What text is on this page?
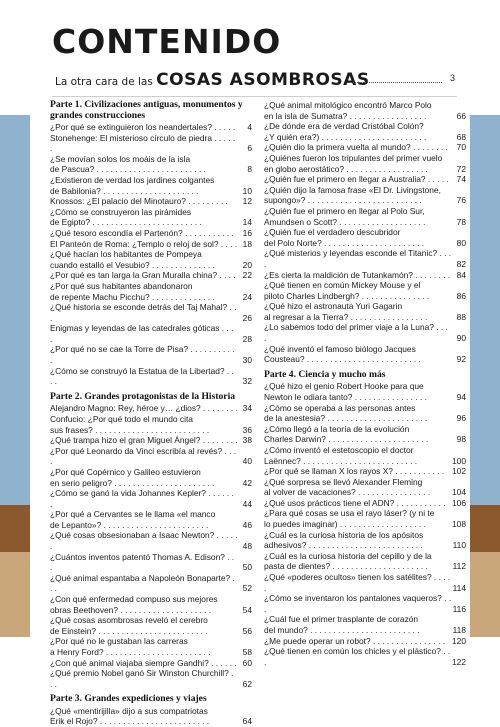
CONTENIDO
La otra cara de las COSAS ASOMBROSAS	3
Parte 1. Civilizaciones antiguas, monumentos y grandes construcciones
¿Por qué se extinguieron los neandertales? . . . . . 4
Stonehenge: El misterioso círculo de piedra . . . . . .	6
¿Se movían solos los moáis de la isla
de Pascua? . . . . . . . . . . . . . . . . . . . . . . . .	8
¿Existieron de verdad los jardines colgantes
de Babilonia? . . . . . . . . . . . . . . . . . . . . .	10
Knossos: ¿El palacio del Minotauro? . . . . . . . . . 12
¿Cómo se construyeron las pirámides
de Egipto? . . . . . . . . . . . . . . . . . . . . . . . .	14
¿Qué tesoro escondía el Partenón? . . . . . . . . . . . 16
El Panteón de Roma: ¿Templo o reloj de sol? . . . . 18
¿Qué hacían los habitantes de Pompeya
cuando estalló el Vesubio? . . . . . . . . . . . . . .	20
¿Por qué es tan larga la Gran Muralla china? . . . . 22
¿Por qué sus habitantes abandonaron
de repente Machu Picchu? . . . . . . . . . . . . . .	24
¿Qué historia se esconde detrás del Taj Mahal? . . .	26
Enigmas y leyendas de las catedrales góticas . . . .	28
¿Por qué no se cae la Torre de Pisa? . . . . . . . . . . .	30
¿Cómo se construyó la Estatua de la Libertad? . . . .	32
Parte 2. Grandes protagonistas de la Historia
Alejandro Magno: Rey, héroe y… ¿dios? . . . . . . . . 34
Confucio: ¿Por qué todo el mundo cita
sus frases? . . . . . . . . . . . . . . . . . . . . . . . . .	36
¿Qué trampa hizo el gran Miguel Ángel? . . . . . . . . 38
¿Por qué Leonardo da Vinci escribía al revés? . . . .	40
¿Por qué Copérnico y Galileo estuvieron
en serio peligro? . . . . . . . . . . . . . . . . . . . . . .	42
¿Cómo se ganó la vida Johannes Kepler? . . . . . . .	44
¿Por qué a Cervantes se le llama «el manco
de Lepanto»? . . . . . . . . . . . . . . . . . . . . . . .	46
¿Qué cosas obsesionaban a Isaac Newton? . . . . . .	48
¿Cuántos inventos patentó Thomas A. Edison? . . .	50
¿Qué animal espantaba a Napoleón Bonaparte? . . .	52
¿Con qué enfermedad compuso sus mejores
obras Beethoven? . . . . . . . . . . . . . . . . . . . .	54
¿Qué cosas asombrosas reveló el cerebro
de Einstein? . . . . . . . . . . . . . . . . . . . . . . . .	56
¿Por qué no le gustaban las carreras
a Henry Ford? . . . . . . . . . . . . . . . . . . . . . . .	58
¿Con qué animal viajaba siempre Gandhi? . . . . . . 60
¿Qué premio Nobel ganó Sir Winston Churchill? . . .	62
Parte 3. Grandes expediciones y viajes
¿Qué «mentirijilla» dijo a sus compatriotas
Erik el Rojo? . . . . . . . . . . . . . . . . . . . . . . . .	64
¿Qué animal mitológico encontró Marco Polo
en la isla de Sumatra? . . . . . . . . . . . . . . . . .	66
¿De dónde era de verdad Cristóbal Colón?
¿Y quién era?) . . . . . . . . . . . . . . . . . . . . . . .	68
¿Quién dio la primera vuelta al mundo? . . . . . . . . 70
¿Quiénes fueron los tripulantes del primer vuelo
en globo aerostático? . . . . . . . . . . . . . . . . . .	72
¿Quién fue el primero en llegar a Australia? . . . . . 74
¿Quién dijo la famosa frase «El Dr. Livingstone,
supongo»? . . . . . . . . . . . . . . . . . . . . . . . . .	76
¿Quién fue el primero en llegar al Polo Sur,
Amundsen o Scott? . . . . . . . . . . . . . . . . . . .	78
¿Quién fue el verdadero descubridor
del Polo Norte? . . . . . . . . . . . . . . . . . . . . . .	80
¿Qué misterios y leyendas esconde el Titanic? . . . .	82
¿Es cierta la maldición de Tutankamón? . . . . . . . . 84
¿Qué tienen en común Mickey Mouse y el
piloto Charles Lindbergh? . . . . . . . . . . . . . . .	86
¿Qué hizo el astronauta Yuri Gagarin
al regresar a la Tierra? . . . . . . . . . . . . . . . . .	88
¿Lo sabemos todo del primer viaje a la Luna? . . . .	90
¿Qué inventó el famoso biólogo Jacques
Cousteau? . . . . . . . . . . . . . . . . . . . . . . . . .	92
Parte 4. Ciencia y mucho más
¿Qué hizo el genio Robert Hooke para que
Newton le odiara tanto? . . . . . . . . . . . . . . . .	94
¿Cómo se operaba a las personas antes
de la anestesia? . . . . . . . . . . . . . . . . . . . . . .	96
¿Cómo llegó a la teoría de la evolución
Charles Darwin? . . . . . . . . . . . . . . . . . . . . . .	98
¿Cómo inventó el estetoscopio el doctor
Laënnec? . . . . . . . . . . . . . . . . . . . . . . . . .	100
¿Por qué se llaman X los rayos X? . . . . . . . . . . . 102
¿Qué sorpresa se llevó Alexander Fleming
al volver de vacaciones? . . . . . . . . . . . . . . . .	104
¿Qué usos prácticos tiene el ADN? . . . . . . . . . . . 106
¿Para qué cosas se usa el rayo láser? (y ni te
lo puedes imaginar) . . . . . . . . . . . . . . . . . . .	108
¿Cuál es la curiosa historia de los apósitos
adhesivos? . . . . . . . . . . . . . . . . . . . . . . . . .	110
¿Cuál es la curiosa historia del cepillo y de la
pasta de dientes? . . . . . . . . . . . . . . . . . . . . .	112
¿Qué «poderes ocultos» tienen los satélites? . . . . .	114
¿Cómo se inventaron los pantalones vaqueros? . . .	116
¿Cuál fue el primer trasplante de corazón
del mundo? . . . . . . . . . . . . . . . . . . . . . . . .	118
¿Me puede operar un robot? . . . . . . . . . . . . . . . . 120
¿Qué tienen en común los chicles y el plástico? . . .	122
